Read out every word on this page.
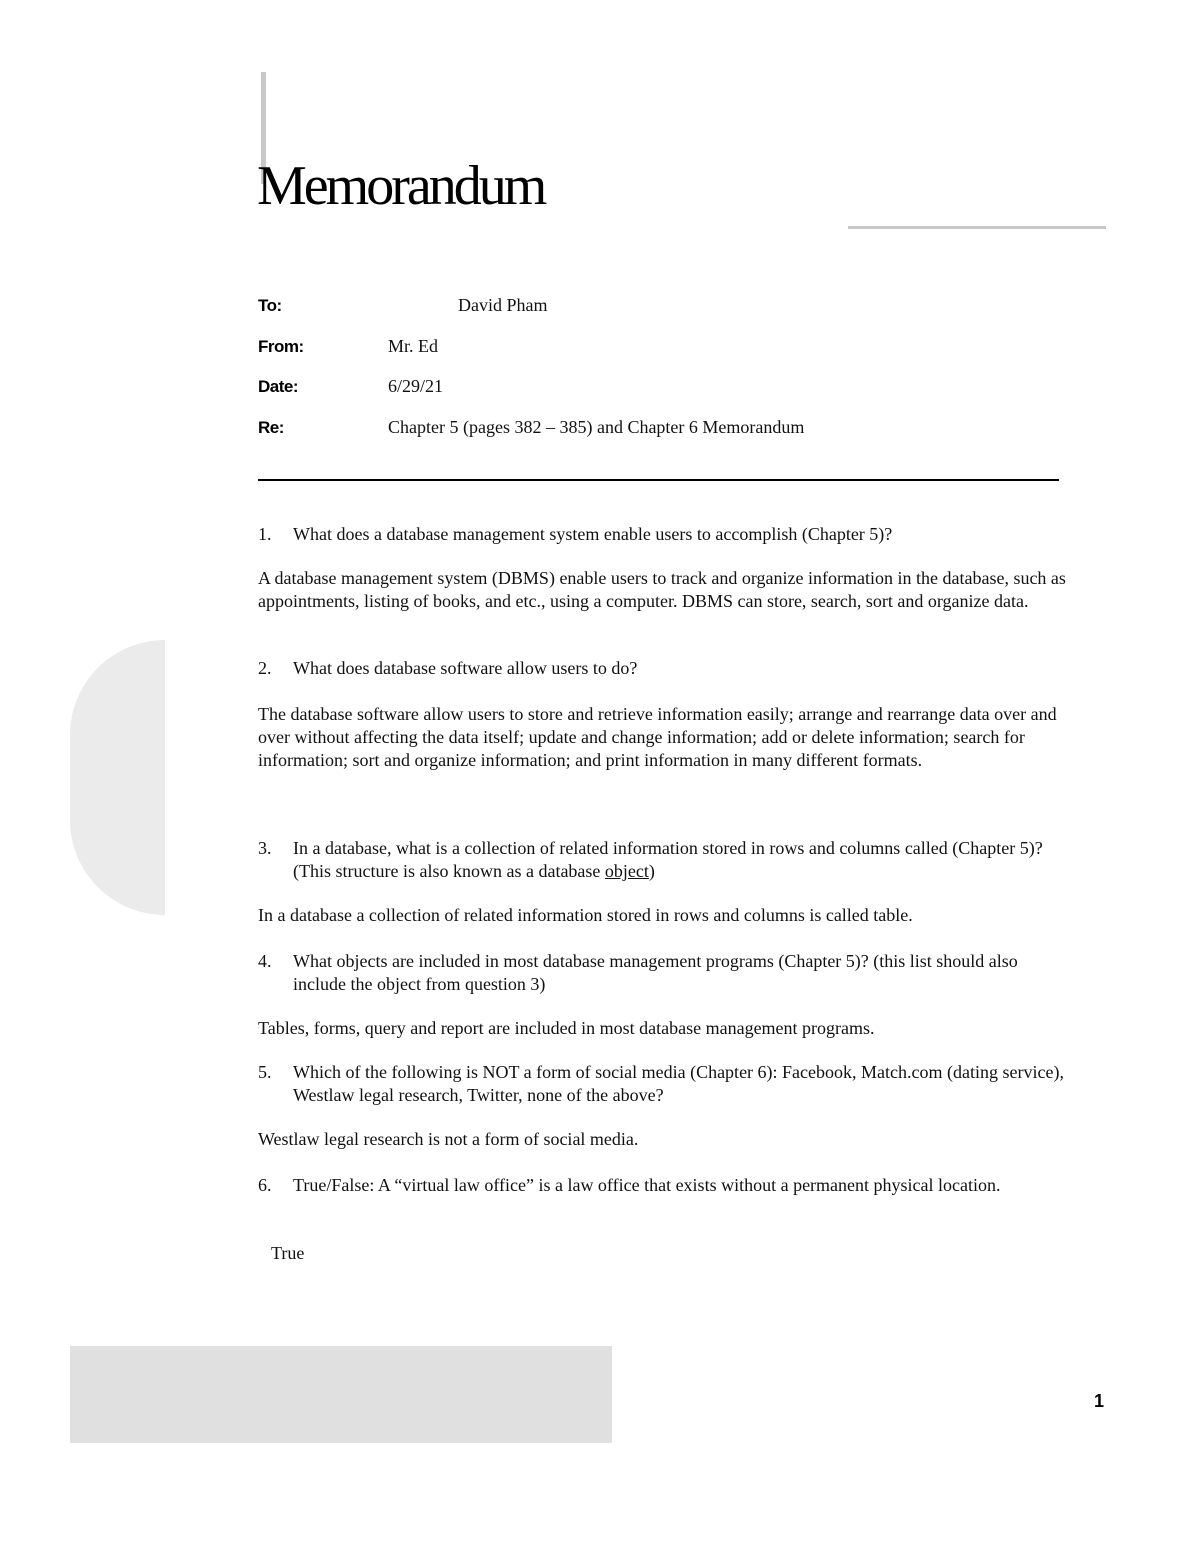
Memorandum
To:	David Pham
From:	Mr. Ed
Date:	6/29/21
Re:	Chapter 5 (pages 382 – 385) and Chapter 6 Memorandum
1. What does a database management system enable users to accomplish (Chapter 5)?

A database management system (DBMS) enable users to track and organize information in the database, such as appointments, listing of books, and etc., using a computer. DBMS can store, search, sort and organize data.

2. What does database software allow users to do?

The database software allow users to store and retrieve information easily; arrange and rearrange data over and over without affecting the data itself; update and change information; add or delete information; search for information; sort and organize information; and print information in many different formats.

3. In a database, what is a collection of related information stored in rows and columns called (Chapter 5)? (This structure is also known as a database object)

In a database a collection of related information stored in rows and columns is called table.

4. What objects are included in most database management programs (Chapter 5)? (this list should also include the object from question 3)

Tables, forms, query and report are included in most database management programs.

5. Which of the following is NOT a form of social media (Chapter 6): Facebook, Match.com (dating service), Westlaw legal research, Twitter, none of the above?

Westlaw legal research is not a form of social media.

6. True/False: A “virtual law office” is a law office that exists without a permanent physical location.

True

1
